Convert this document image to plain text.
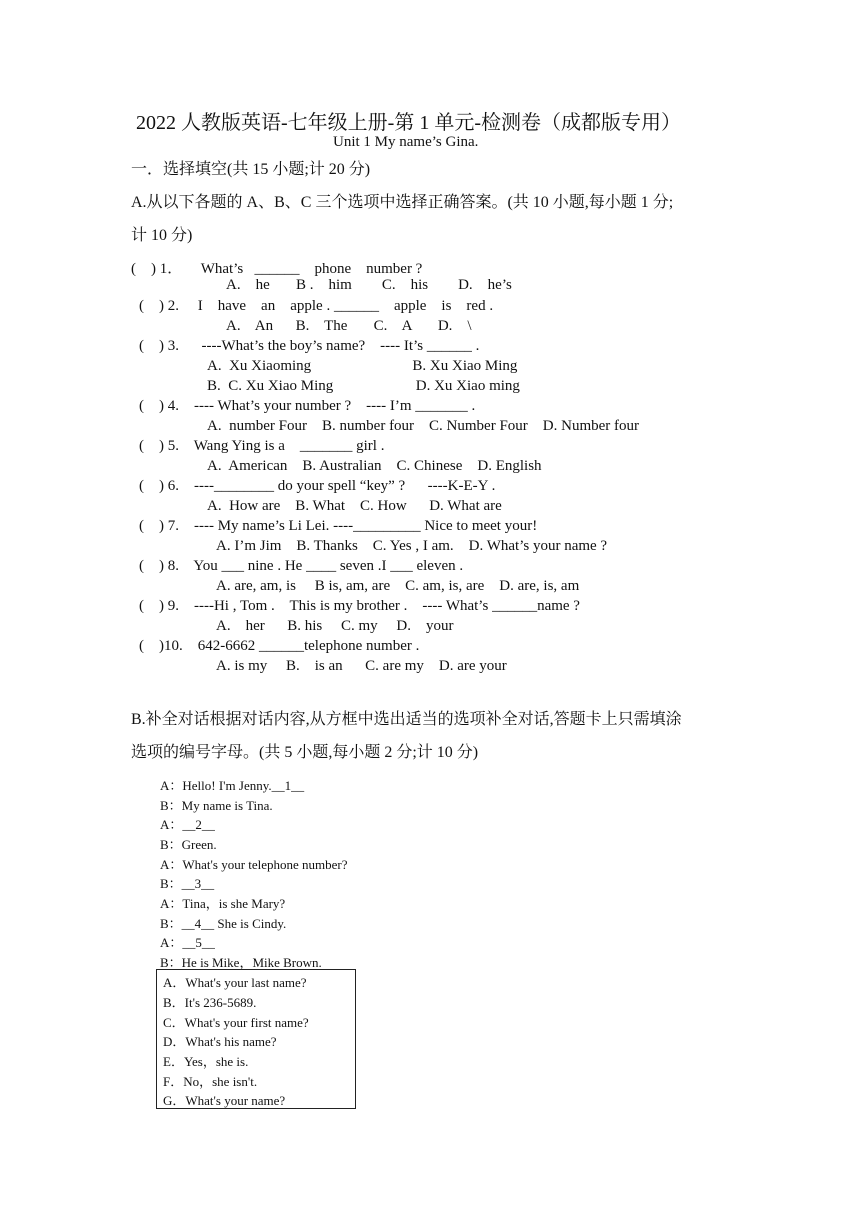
2022 人教版英语-七年级上册-第 1 单元-检测卷（成都版专用）
Unit 1 My name’s Gina.
一．选择填空(共 15 小题;计 20 分)
A.从以下各题的 A、B、C 三个选项中选择正确答案。(共 10 小题,每小题 1 分;
计 10 分)
(    ) 1．     What’s   ______    phone    number ?
A.    he       B .    him        C.    his        D.    he’s
(    ) 2.     I    have    an    apple . ______    apple    is    red .
A.    An      B.    The       C.    A       D.    \
(    ) 3.      ----What’s the boy’s name?    ---- It’s ______ .
A.  Xu Xiaoming                           B. Xu Xiao Ming
B.  C. Xu Xiao Ming                      D. Xu Xiao ming
(    ) 4.    ---- What’s your number ?    ---- I’m _______ .
A.  number Four    B. number four    C. Number Four    D. Number four
(    ) 5.    Wang Ying is a    _______ girl .
A.  American    B. Australian    C. Chinese    D. English
(    ) 6.    ----________ do your spell “key” ?      ----K-E-Y .
A.  How are    B. What    C. How      D. What are
(    ) 7.    ---- My name’s Li Lei. ----_________ Nice to meet your!
A. I’m Jim    B. Thanks    C. Yes , I am.    D. What’s your name ?
(    ) 8.    You ___ nine . He ____ seven .I ___ eleven .
A. are, am, is     B is, am, are    C. am, is, are    D. are, is, am
(    ) 9.    ----Hi , Tom .    This is my brother .    ---- What’s ______name ?
A.    her      B. his     C. my     D.    your
(    )10.    642-6662 ______telephone number .
A. is my     B.    is an      C. are my    D. are your
B.补全对话根据对话内容,从方框中选出适当的选项补全对话,答题卡上只需填涂
选项的编号字母。(共 5 小题,每小题 2 分;计 10 分)
A：Hello! I'm Jenny.__1__
B：My name is Tina.
A：__2__
B：Green.
A：What's your telephone number?
B：__3__
A：Tina，is she Mary?
B：__4__ She is Cindy.
A：__5__
B：He is Mike，Mike Brown.
A．What's your last name?
B．It's 236-5689.
C．What's your first name?
D．What's his name?
E．Yes，she is.
F．No，she isn't.
G．What's your name?
